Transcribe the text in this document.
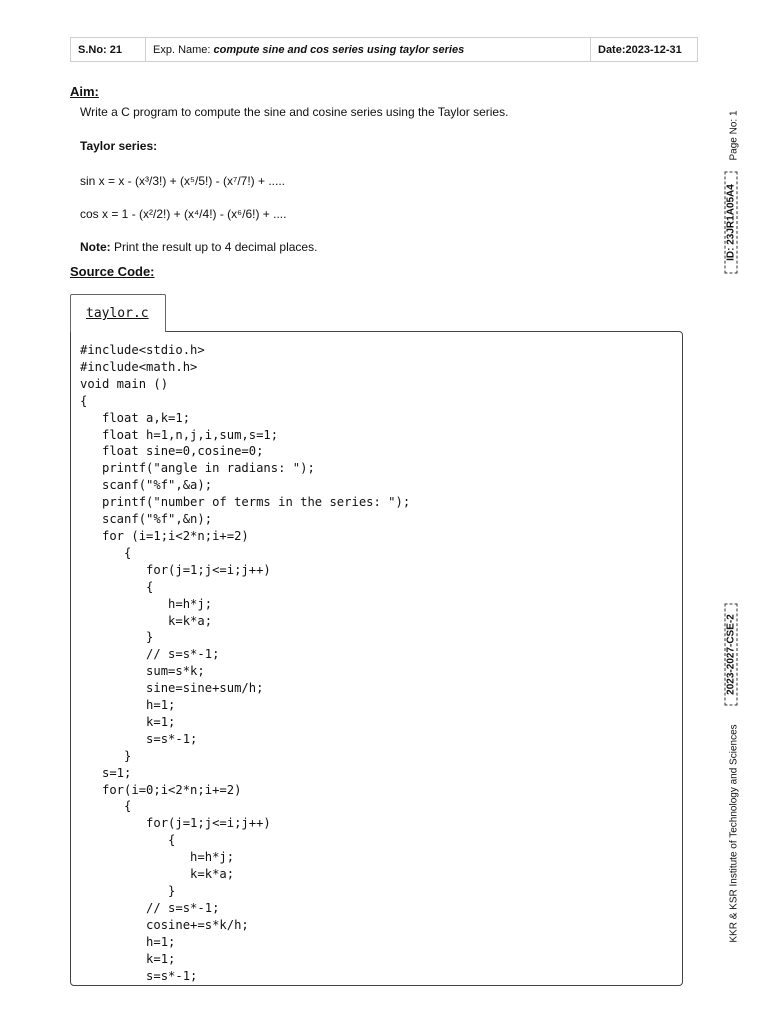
S.No: 21	Exp. Name:
compute sine and cos series using taylor series	Date:2023-12-31
Aim:
Write a C program to compute the sine and cosine series using the Taylor series.
Taylor series:
sin x = x - (x³/3!) + (x⁵/5!) - (x⁷/7!) + .....
cos x = 1 - (x²/2!) + (x⁴/4!) - (x⁶/6!) + ....
Note: Print the result up to 4 decimal places.
Source Code:
taylor.c
#include<stdio.h>
#include<math.h>
void main ()
{
float a,k=1;
float h=1,n,j,i,sum,s=1;
float sine=0,cosine=0;
printf("angle in radians: ");
scanf("%f",&a);
printf("number of terms in the series: ");
scanf("%f",&n);
for (i=1;i<2*n;i+=2)
{
for(j=1;j<=i;j++)
{
h=h*j;
k=k*a;
}
// s=s*-1;
sum=s*k;
sine=sine+sum/h;
h=1;
k=1;
s=s*-1;
}
s=1;
for(i=0;i<2*n;i+=2)
{
for(j=1;j<=i;j++)
{
h=h*j;
k=k*a;
}
// s=s*-1;
cosine+=s*k/h;
h=1;
k=1;
s=s*-1;
Page No: 1
ID: 23JR1A05A4
2023-2027-CSE-2
KKR & KSR Institute of Technology and Sciences
